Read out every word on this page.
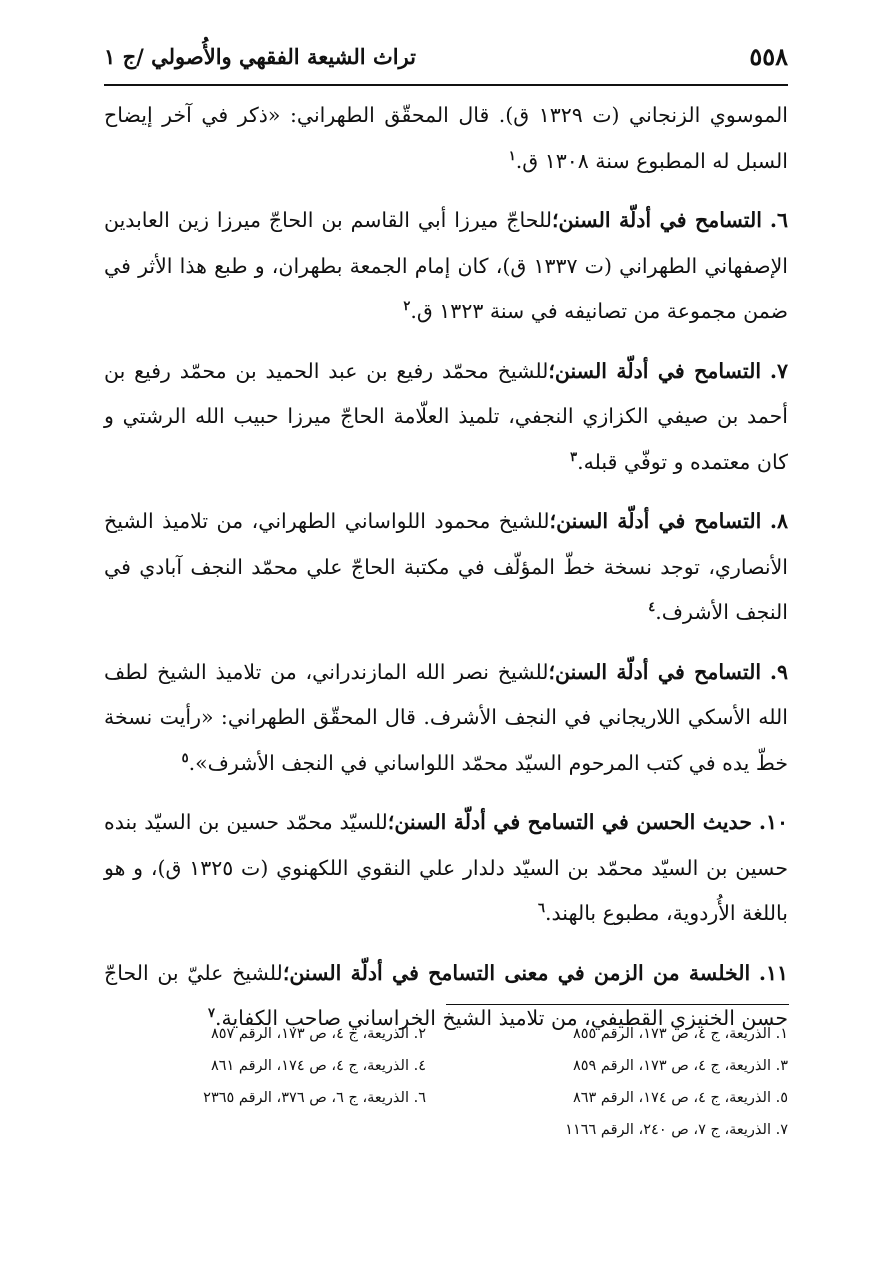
٥٥٨
تراث الشيعة الفقهي والأُصولي /ج ١

الموسوي الزنجاني (ت ١٣٢٩ ق). قال المحقّق الطهراني: «ذكر في آخر إيضاح السبل له المطبوع سنة ١٣٠٨ ق.$^١$

٦. التسامح في أدلّة السنن؛للحاجّ ميرزا أبي القاسم بن الحاجّ ميرزا زين العابدين الإصفهاني الطهراني (ت ١٣٣٧ ق)، كان إمام الجمعة بطهران، و طبع هذا الأثر في ضمن مجموعة من تصانيفه في سنة ١٣٢٣ ق.$^٢$

٧. التسامح في أدلّة السنن؛للشيخ محمّد رفيع بن عبد الحميد بن محمّد رفيع بن أحمد بن صيفي الكزازي النجفي، تلميذ العلّامة الحاجّ ميرزا حبيب الله الرشتي و كان معتمده و توفّي قبله.$^٣$

٨. التسامح في أدلّة السنن؛للشيخ محمود اللواساني الطهراني، من تلاميذ الشيخ الأنصاري، توجد نسخة خطّ المؤلّف في مكتبة الحاجّ علي محمّد النجف آبادي في النجف الأشرف.$^٤$

٩. التسامح في أدلّة السنن؛للشيخ نصر الله المازندراني، من تلاميذ الشيخ لطف الله الأسكي اللاريجاني في النجف الأشرف. قال المحقّق الطهراني: «رأيت نسخة خطّ يده في كتب المرحوم السيّد محمّد اللواساني في النجف الأشرف».$^٥$

١٠. حديث الحسن في التسامح في أدلّة السنن؛للسيّد محمّد حسين بن السيّد بنده حسين بن السيّد محمّد بن السيّد دلدار علي النقوي اللكهنوي (ت ١٣٢٥ ق)، و هو باللغة الأُردوية، مطبوع بالهند.$^٦$

١١. الخلسة من الزمن في معنى التسامح في أدلّة السنن؛للشيخ عليّ بن الحاجّ حسن الخنيزي القطيفي، من تلاميذ الشيخ الخراساني صاحب الكفاية.$^٧$

١. الذريعة، ج ٤، ص ١٧٣، الرقم ٨٥٥
٢. الذريعة، ج ٤، ص ١٧٣، الرقم ٨٥٧
٣. الذريعة، ج ٤، ص ١٧٣، الرقم ٨٥٩
٤. الذريعة، ج ٤، ص ١٧٤، الرقم ٨٦١
٥. الذريعة، ج ٤، ص ١٧٤، الرقم ٨٦٣
٦. الذريعة، ج ٦، ص ٣٧٦، الرقم ٢٣٦٥
٧. الذريعة، ج ٧، ص ٢٤٠، الرقم ١١٦٦
